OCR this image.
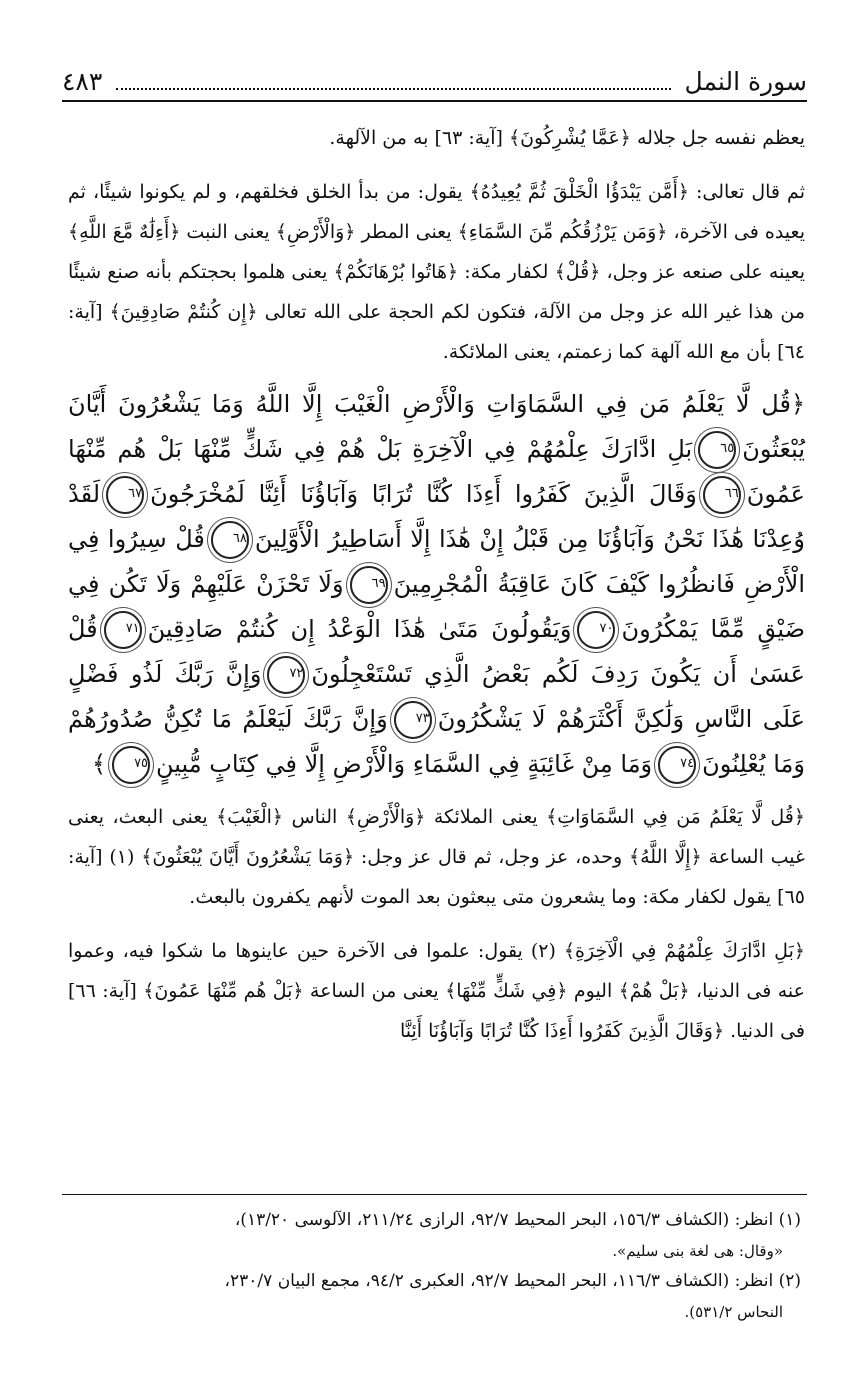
سورة النمل
٤٨٣

يعظم نفسه جل جلاله ﴿عَمَّا يُشْرِكُونَ﴾ [آية: ٦٣] به من الآلهة.

ثم قال تعالى: ﴿أَمَّن يَبْدَؤُا الْخَلْقَ ثُمَّ يُعِيدُهُ﴾ يقول: من بدأ الخلق فخلقهم، و لم يكونوا شيئًا، ثم يعيده فى الآخرة، ﴿وَمَن يَرْزُقُكُم مِّنَ السَّمَاءِ﴾ يعنى المطر ﴿وَالْأَرْضِ﴾ يعنى النبت ﴿أَءِلَٰهٌ مَّعَ اللَّهِ﴾ يعينه على صنعه عز وجل، ﴿قُلْ﴾ لكفار مكة: ﴿هَاتُوا بُرْهَانَكُمْ﴾ يعنى هلموا بحجتكم بأنه صنع شيئًا من هذا غير الله عز وجل من الآلة، فتكون لكم الحجة على الله تعالى ﴿إِن كُنتُمْ صَادِقِينَ﴾ [آية: ٦٤] بأن مع الله آلهة كما زعمتم، يعنى الملائكة.

﴿قُل لَّا يَعْلَمُ مَن فِي السَّمَاوَاتِ وَالْأَرْضِ الْغَيْبَ إِلَّا اللَّهُ وَمَا يَشْعُرُونَ أَيَّانَ يُبْعَثُونَ٦٥بَلِ ادَّارَكَ عِلْمُهُمْ فِي الْآخِرَةِ بَلْ هُمْ فِي شَكٍّ مِّنْهَا بَلْ هُم مِّنْهَا عَمُونَ٦٦وَقَالَ الَّذِينَ كَفَرُوا أَءِذَا كُنَّا تُرَابًا وَآبَاؤُنَا أَئِنَّا لَمُخْرَجُونَ٦٧لَقَدْ وُعِدْنَا هَٰذَا نَحْنُ وَآبَاؤُنَا مِن قَبْلُ إِنْ هَٰذَا إِلَّا أَسَاطِيرُ الْأَوَّلِينَ٦٨قُلْ سِيرُوا فِي الْأَرْضِ فَانظُرُوا كَيْفَ كَانَ عَاقِبَةُ الْمُجْرِمِينَ٦٩وَلَا تَحْزَنْ عَلَيْهِمْ وَلَا تَكُن فِي ضَيْقٍ مِّمَّا يَمْكُرُونَ٧٠وَيَقُولُونَ مَتَىٰ هَٰذَا الْوَعْدُ إِن كُنتُمْ صَادِقِينَ٧١قُلْ عَسَىٰ أَن يَكُونَ رَدِفَ لَكُم بَعْضُ الَّذِي تَسْتَعْجِلُونَ٧٢وَإِنَّ رَبَّكَ لَذُو فَضْلٍ عَلَى النَّاسِ وَلَٰكِنَّ أَكْثَرَهُمْ لَا يَشْكُرُونَ٧٣وَإِنَّ رَبَّكَ لَيَعْلَمُ مَا تُكِنُّ صُدُورُهُمْ وَمَا يُعْلِنُونَ٧٤وَمَا مِنْ غَائِبَةٍ فِي السَّمَاءِ وَالْأَرْضِ إِلَّا فِي كِتَابٍ مُّبِينٍ٧٥﴾

﴿قُل لَّا يَعْلَمُ مَن فِي السَّمَاوَاتِ﴾ يعنى الملائكة ﴿وَالْأَرْضِ﴾ الناس ﴿الْغَيْبَ﴾ يعنى البعث، يعنى غيب الساعة ﴿إِلَّا اللَّهُ﴾ وحده، عز وجل، ثم قال عز وجل: ﴿وَمَا يَشْعُرُونَ أَيَّانَ يُبْعَثُونَ﴾ (١) [آية: ٦٥] يقول لكفار مكة: وما يشعرون متى يبعثون بعد الموت لأنهم يكفرون بالبعث.

﴿بَلِ ادَّارَكَ عِلْمُهُمْ فِي الْآخِرَةِ﴾ (٢) يقول: علموا فى الآخرة حين عاينوها ما شكوا فيه، وعموا عنه فى الدنيا، ﴿بَلْ هُمْ﴾ اليوم ﴿فِي شَكٍّ مِّنْهَا﴾ يعنى من الساعة ﴿بَلْ هُم مِّنْهَا عَمُونَ﴾ [آية: ٦٦] فى الدنيا. ﴿وَقَالَ الَّذِينَ كَفَرُوا أَءِذَا كُنَّا تُرَابًا وَآبَاؤُنَا أَئِنَّا

(١) انظر: (الكشاف ١٥٦/٣، البحر المحيط ٩٢/٧، الرازى ٢١١/٢٤، الآلوسى ١٣/٢٠)،
«وقال: هى لغة بنى سليم».
(٢) انظر: (الكشاف ١١٦/٣، البحر المحيط ٩٢/٧، العكبرى ٩٤/٢، مجمع البيان ٢٣٠/٧،
النحاس ٥٣١/٢).
